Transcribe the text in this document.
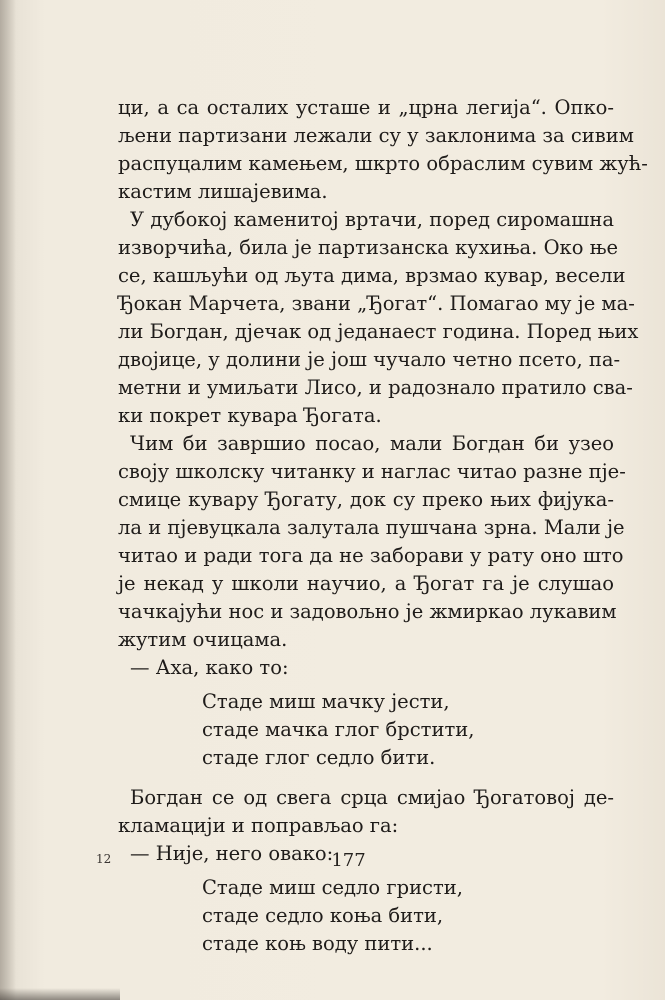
ци, а са осталих усташе и „црна легија“. Опко-
љени партизани лежали су у заклонима за сивим
распуцалим камењем, шкрто обраслим сувим жућ-
кастим лишајевима.
У дубокој каменитој вртачи, поред сиромашна
изворчића, била је партизанска кухиња. Око ње
се, кашљући од љута дима, врзмао кувар, весели
Ђокан Марчета, звани „Ђогат“. Помагао му је ма-
ли Богдан, дјечак од једанаест година. Поред њих
двојице, у долини је још чучало четно псето, па-
метни и умиљати Лисо, и радознало пратило сва-
ки покрет кувара Ђогата.
Чим би завршио посао, мали Богдан би узео
своју школску читанку и наглас читао разне пје-
смице кувару Ђогату, док су преко њих фијука-
ла и пјевуцкала залутала пушчана зрна. Мали је
читао и ради тога да не заборави у рату оно што
је некад у школи научио, а Ђогат га је слушао
чачкајући нос и задовољно је жмиркао лукавим
жутим очицама.
— Аха, како то:
Стаде миш мачку јести,
стаде мачка глог брстити,
стаде глог седло бити.
Богдан се од свега срца смијао Ђогатовој де-
кламацији и поправљао га:
— Није, него овако:
Стаде миш седло гристи,
стаде седло коња бити,
стаде коњ воду пити...
12	177
